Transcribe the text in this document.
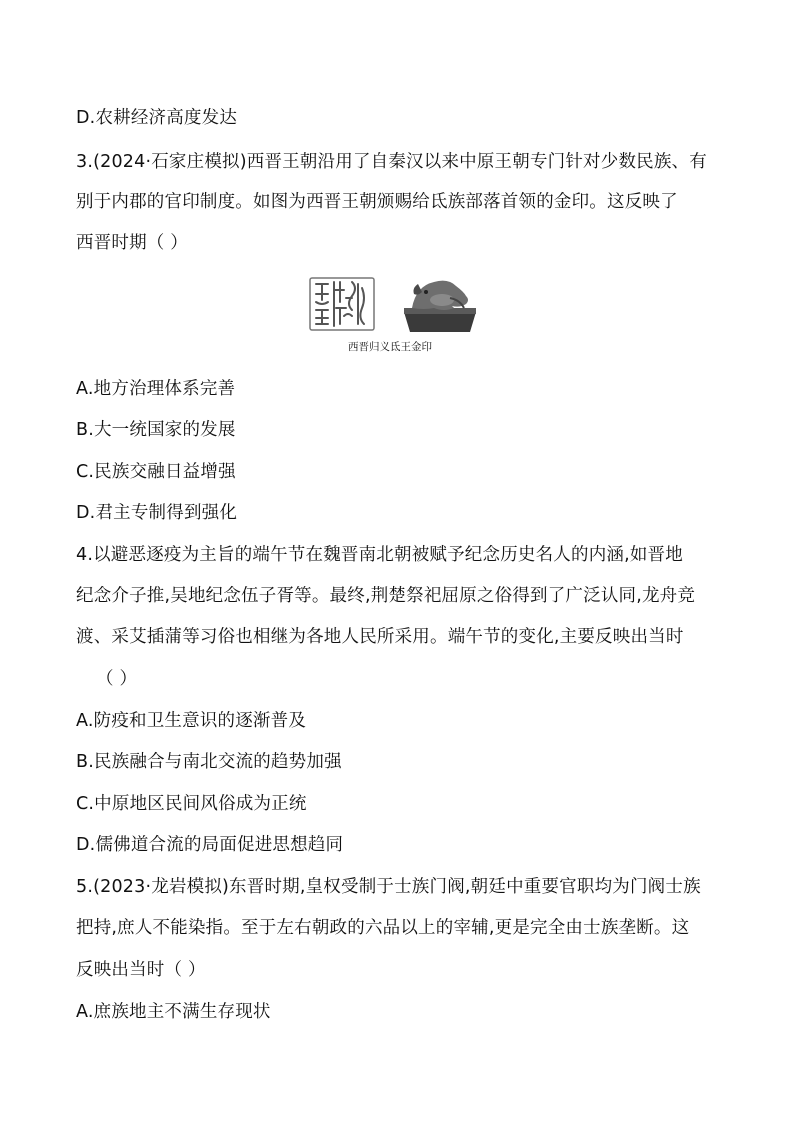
D.农耕经济高度发达
3.(2024·石家庄模拟)西晋王朝沿用了自秦汉以来中原王朝专门针对少数民族、有
别于内郡的官印制度。如图为西晋王朝颁赐给氐族部落首领的金印。这反映了
西晋时期（ ）
西晋归义氐王金印
A.地方治理体系完善
B.大一统国家的发展
C.民族交融日益增强
D.君主专制得到强化
4.以避恶逐疫为主旨的端午节在魏晋南北朝被赋予纪念历史名人的内涵,如晋地
纪念介子推,吴地纪念伍子胥等。最终,荆楚祭祀屈原之俗得到了广泛认同,龙舟竞
渡、采艾插蒲等习俗也相继为各地人民所采用。端午节的变化,主要反映出当时
（ ）
A.防疫和卫生意识的逐渐普及
B.民族融合与南北交流的趋势加强
C.中原地区民间风俗成为正统
D.儒佛道合流的局面促进思想趋同
5.(2023·龙岩模拟)东晋时期,皇权受制于士族门阀,朝廷中重要官职均为门阀士族
把持,庶人不能染指。至于左右朝政的六品以上的宰辅,更是完全由士族垄断。这
反映出当时（ ）
A.庶族地主不满生存现状
